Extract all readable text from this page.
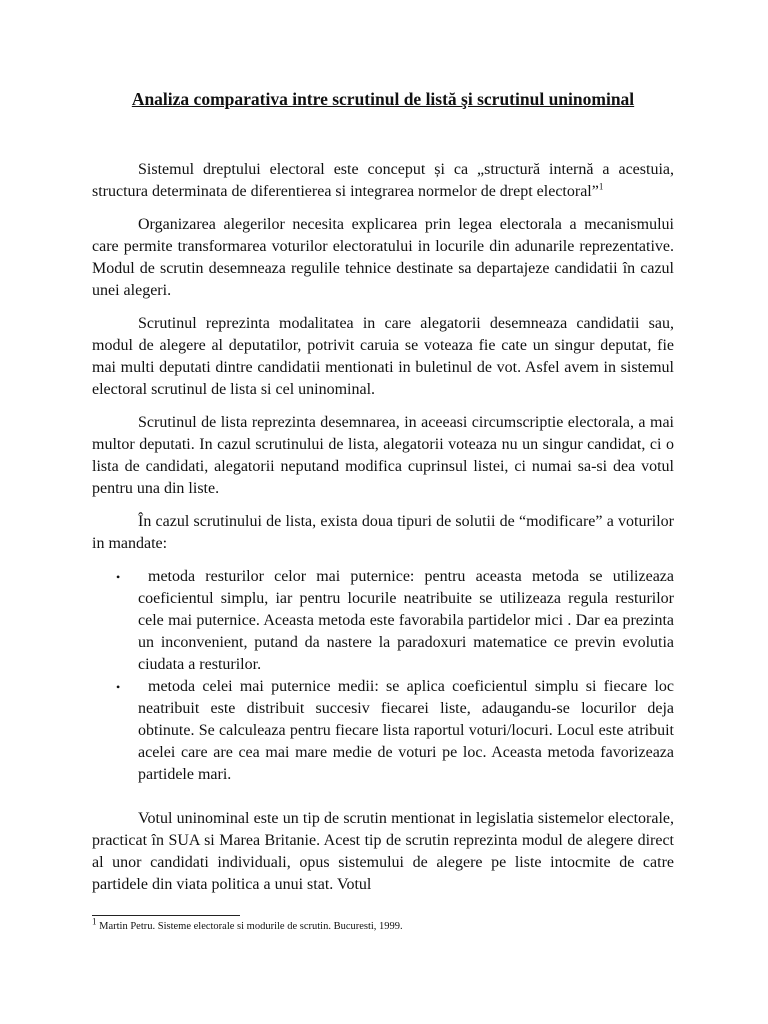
Analiza comparativa intre scrutinul de listă şi scrutinul uninominal

Sistemul dreptului electoral este conceput și ca „structură internă a acestuia, structura determinata de diferentierea si integrarea normelor de drept electoral”$^1$

Organizarea alegerilor necesita explicarea prin legea electorala a mecanismului care permite transformarea voturilor electoratului in locurile din adunarile reprezentative. Modul de scrutin desemneaza regulile tehnice destinate sa departajeze candidatii în cazul unei alegeri.

Scrutinul reprezinta modalitatea in care alegatorii desemneaza candidatii sau, modul de alegere al deputatilor, potrivit caruia se voteaza fie cate un singur deputat, fie mai multi deputati dintre candidatii mentionati in buletinul de vot. Asfel avem in sistemul electoral scrutinul de lista si cel uninominal.

Scrutinul de lista reprezinta desemnarea, in aceeasi circumscriptie electorala, a mai multor deputati. In cazul scrutinului de lista, alegatorii voteaza nu un singur candidat, ci o lista de candidati, alegatorii neputand modifica cuprinsul listei, ci numai sa-si dea votul pentru una din liste.

În cazul scrutinului de lista, exista doua tipuri de solutii de “modificare” a voturilor in mandate:

•	metoda resturilor celor mai puternice: pentru aceasta metoda se utilizeaza coeficientul simplu, iar pentru locurile neatribuite se utilizeaza regula resturilor cele mai puternice. Aceasta metoda este favorabila partidelor mici . Dar ea prezinta un inconvenient, putand da nastere la paradoxuri matematice ce previn evolutia ciudata a resturilor.
•	metoda celei mai puternice medii: se aplica coeficientul simplu si fiecare loc neatribuit este distribuit succesiv fiecarei liste, adaugandu-se locurilor deja obtinute. Se calculeaza pentru fiecare lista raportul voturi/locuri. Locul este atribuit acelei care are cea mai mare medie de voturi pe loc. Aceasta metoda favorizeaza partidele mari.

Votul uninominal este un tip de scrutin mentionat in legislatia sistemelor electorale, practicat în SUA si Marea Britanie. Acest tip de scrutin reprezinta modul de alegere direct al unor candidati individuali, opus sistemului de alegere pe liste intocmite de catre partidele din viata politica a unui stat. Votul

$^1$ Martin Petru. Sisteme electorale si modurile de scrutin. Bucuresti, 1999.
